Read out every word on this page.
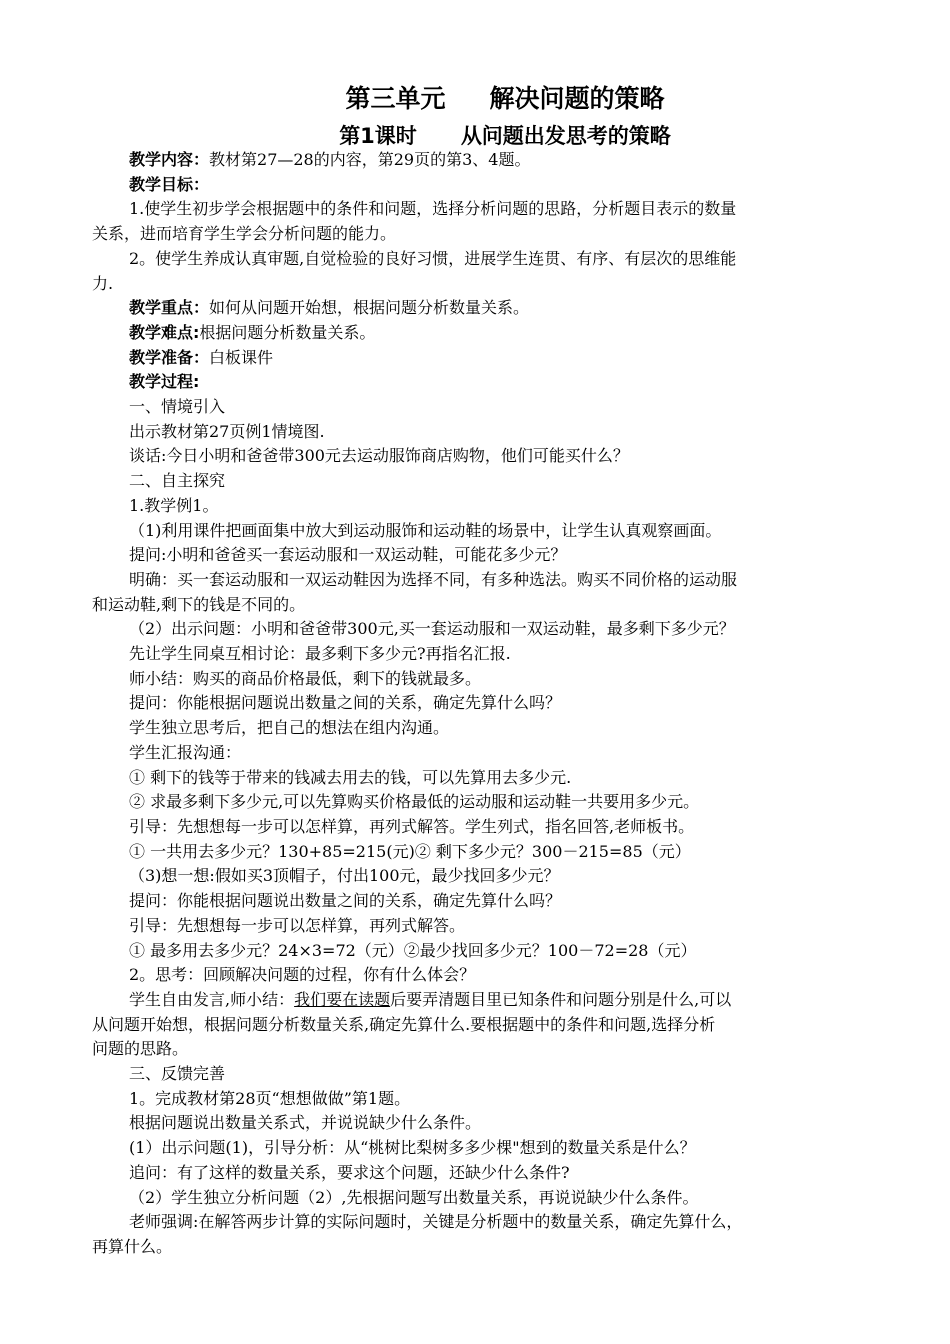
第三单元 解决问题的策略
第1课时 从问题出发思考的策略
教学内容：教材第27—28的内容，第29页的第3、4题。
教学目标：
1.使学生初步学会根据题中的条件和问题，选择分析问题的思路，分析题目表示的数量
关系，进而培育学生学会分析问题的能力。
2。使学生养成认真审题,自觉检验的良好习惯，进展学生连贯、有序、有层次的思维能
力.
教学重点：如何从问题开始想，根据问题分析数量关系。
教学难点:根据问题分析数量关系。
教学准备：白板课件
教学过程:
一、情境引入
出示教材第27页例1情境图.
谈话:今日小明和爸爸带300元去运动服饰商店购物，他们可能买什么？
二、自主探究
1.教学例1。
（1)利用课件把画面集中放大到运动服饰和运动鞋的场景中，让学生认真观察画面。
提问:小明和爸爸买一套运动服和一双运动鞋，可能花多少元？
明确：买一套运动服和一双运动鞋因为选择不同，有多种选法。购买不同价格的运动服
和运动鞋,剩下的钱是不同的。
（2）出示问题：小明和爸爸带300元,买一套运动服和一双运动鞋，最多剩下多少元？
先让学生同桌互相讨论：最多剩下多少元?再指名汇报.
师小结：购买的商品价格最低，剩下的钱就最多。
提问：你能根据问题说出数量之间的关系，确定先算什么吗？
学生独立思考后，把自己的想法在组内沟通。
学生汇报沟通：
① 剩下的钱等于带来的钱减去用去的钱，可以先算用去多少元.
② 求最多剩下多少元,可以先算购买价格最低的运动服和运动鞋一共要用多少元。
引导：先想想每一步可以怎样算，再列式解答。学生列式，指名回答,老师板书。
① 一共用去多少元？130+85=215(元)② 剩下多少元？300－215=85（元）
（3)想一想:假如买3顶帽子，付出100元，最少找回多少元？
提问：你能根据问题说出数量之间的关系，确定先算什么吗？
引导：先想想每一步可以怎样算，再列式解答。
① 最多用去多少元？24×3=72（元）②最少找回多少元？100－72=28（元）
2。思考：回顾解决问题的过程，你有什么体会？
学生自由发言,师小结：我们要在读题后要弄清题目里已知条件和问题分别是什么,可以
从问题开始想，根据问题分析数量关系,确定先算什么.要根据题中的条件和问题,选择分析
问题的思路。
三、反馈完善
1。完成教材第28页“想想做做”第1题。
根据问题说出数量关系式，并说说缺少什么条件。
(1）出示问题(1)，引导分析：从“桃树比梨树多多少棵"想到的数量关系是什么？
追问：有了这样的数量关系，要求这个问题，还缺少什么条件?
（2）学生独立分析问题（2）,先根据问题写出数量关系，再说说缺少什么条件。
老师强调:在解答两步计算的实际问题时，关键是分析题中的数量关系，确定先算什么，
再算什么。
